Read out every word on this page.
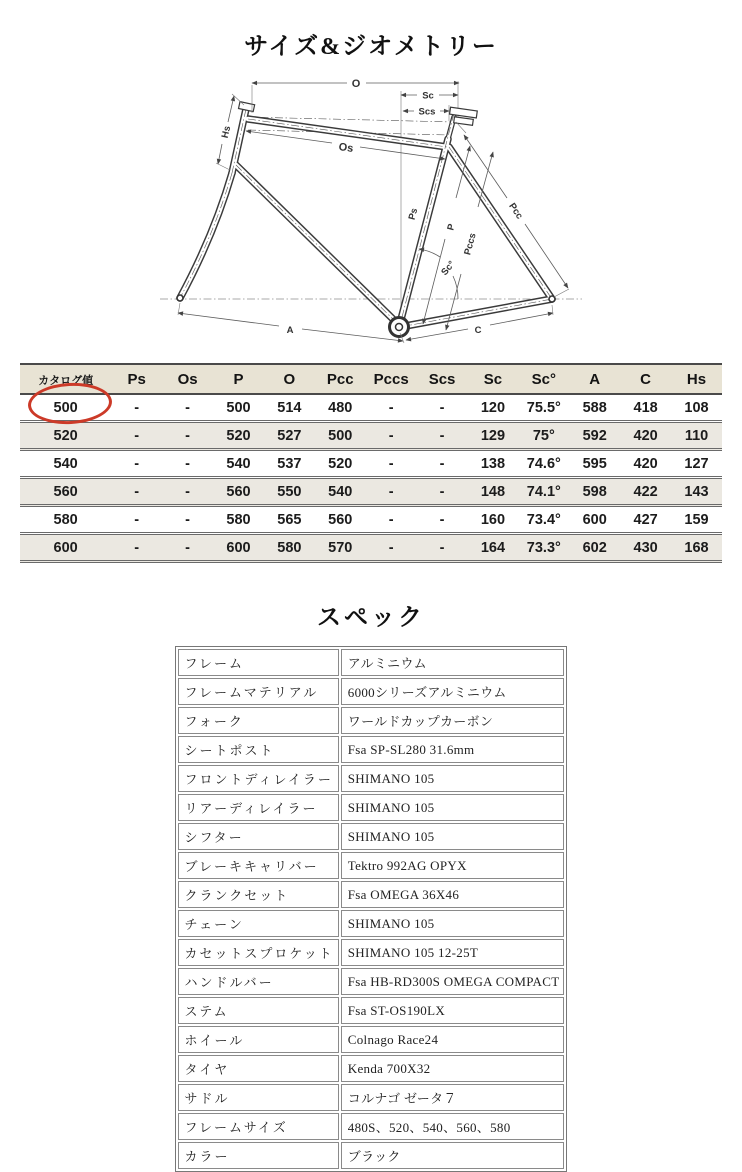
サイズ&ジオメトリー
O
Sc
Scs
Hs
Os
Pcc
Ps
P
Pccs
Sc°
A	C
カタログ値	Ps	Os	P	O	Pcc	Pccs	Scs	Sc	Sc°	A	C	Hs
500	-	-	500	514	480	-	-	120	75.5°	588	418	108
520	-	-	520	527	500	-	-	129	75°	592	420	110
540	-	-	540	537	520	-	-	138	74.6°	595	420	127
560	-	-	560	550	540	-	-	148	74.1°	598	422	143
580	-	-	580	565	560	-	-	160	73.4°	600	427	159
600	-	-	600	580	570	-	-	164	73.3°	602	430	168
スペック
フレーム	アルミニウム
フレームマテリアル	6000シリーズアルミニウム
フォーク	ワールドカップカーボン
シートポスト	Fsa SP-SL280 31.6mm
フロントディレイラー	SHIMANO 105
リアーディレイラー	SHIMANO 105
シフター	SHIMANO 105
ブレーキキャリバー	Tektro 992AG OPYX
クランクセット	Fsa OMEGA 36X46
チェーン	SHIMANO 105
カセットスプロケット	SHIMANO 105 12-25T
ハンドルバー	Fsa HB-RD300S OMEGA COMPACT
ステム	Fsa ST-OS190LX
ホイール	Colnago Race24
タイヤ	Kenda 700X32
サドル	コルナゴ ゼータ７
フレームサイズ	480S、520、540、560、580
カラー	ブラック
